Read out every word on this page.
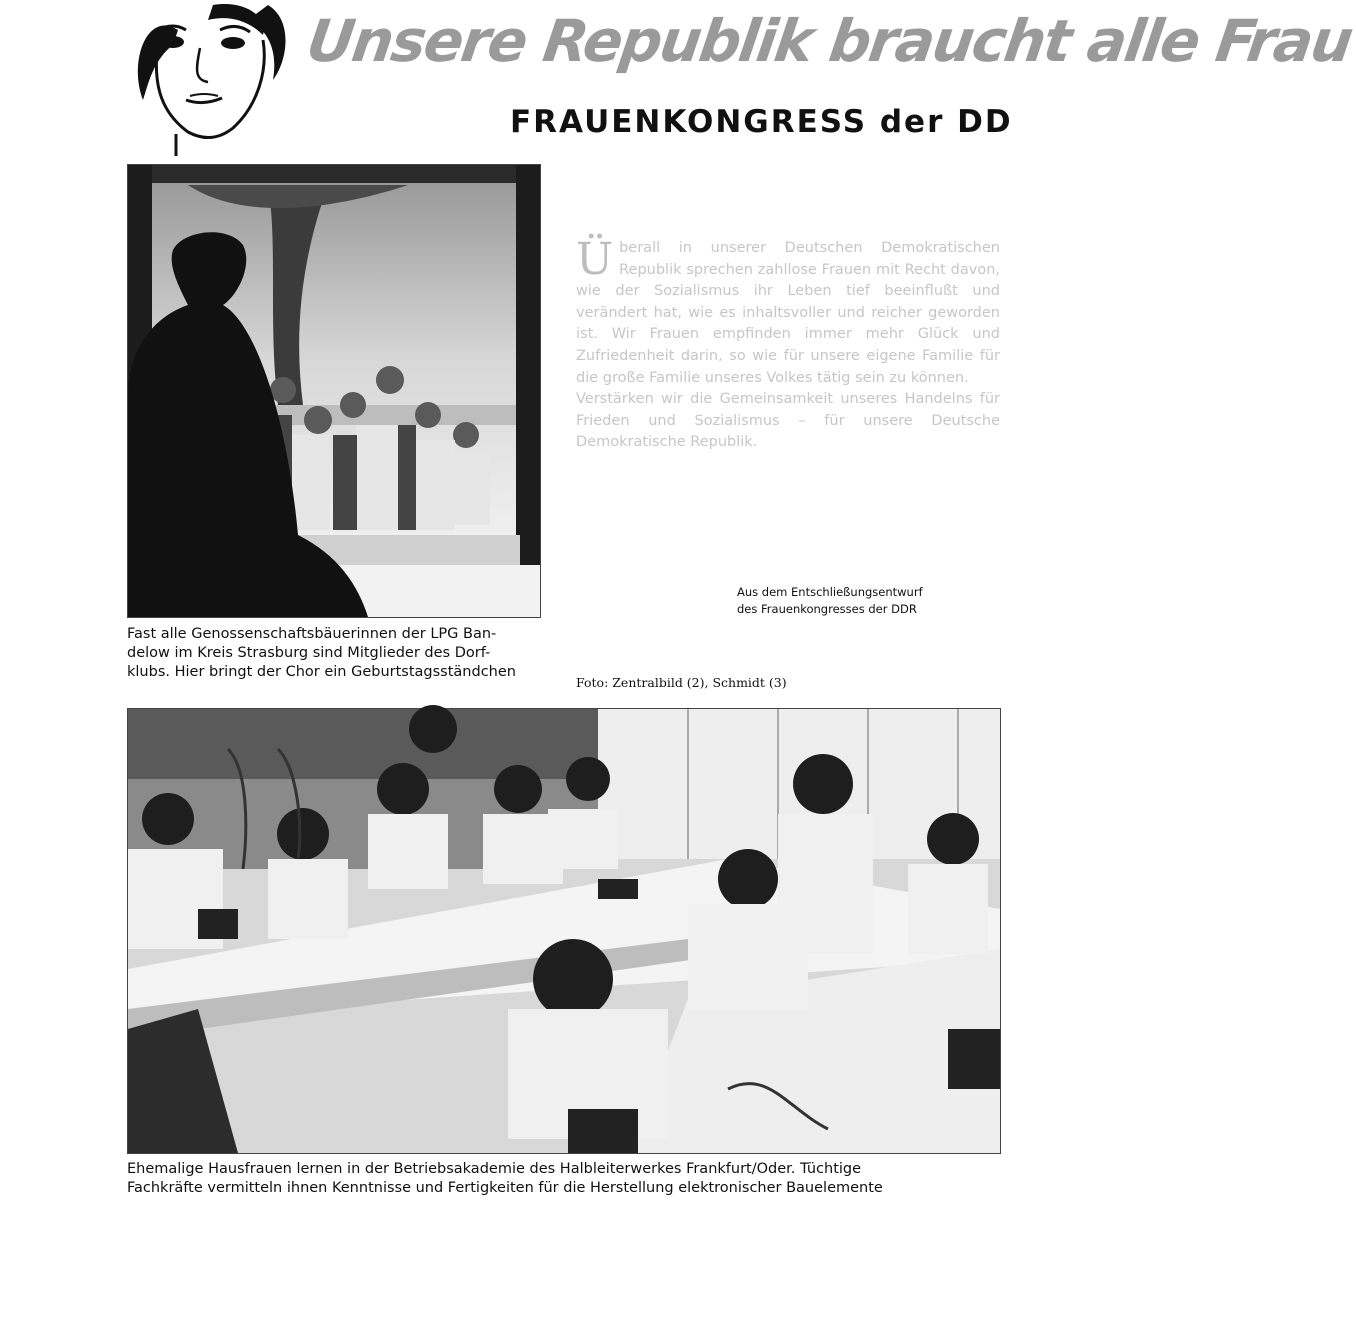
Unsere Republik braucht alle Frau
FRAUENKONGRESS der DD
Fast alle Genossenschaftsbäuerinnen der LPG Ban-
delow im Kreis Strasburg sind Mitglieder des Dorf-
klubs. Hier bringt der Chor ein Geburtstagsständchen
Ü berall in unserer Deutschen Demokratischen Republik sprechen zahllose Frauen mit Recht davon, wie der Sozialismus ihr Leben tief beeinflußt und verändert hat, wie es inhaltsvoller und reicher geworden ist. Wir Frauen empfinden immer mehr Glück und Zufriedenheit darin, so wie für unsere eigene Familie für die große Familie unseres Volkes tätig sein zu können.

Verstärken wir die Gemeinsamkeit unseres Handelns für Frieden und Sozialismus – für unsere Deutsche Demokratische Republik.

Aus dem Entschließungsentwurf
des Frauenkongresses der DDR
Foto: Zentralbild (2), Schmidt (3)
Ehemalige Hausfrauen lernen in der Betriebsakademie des Halbleiterwerkes Frankfurt/Oder. Tüchtige
Fachkräfte vermitteln ihnen Kenntnisse und Fertigkeiten für die Herstellung elektronischer Bauelemente
